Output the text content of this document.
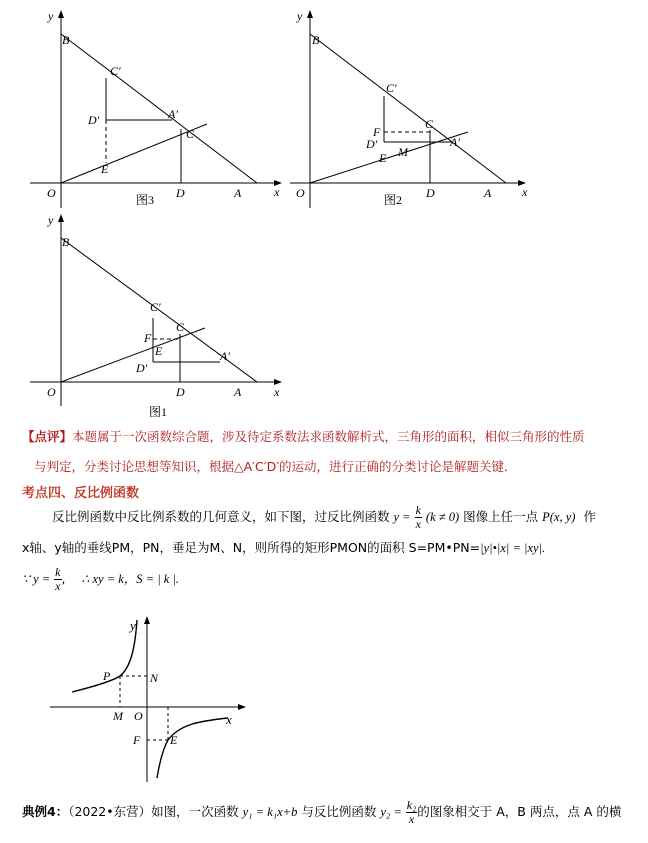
y
x
B
C′
D′	A′
C
E
O	D	A
图3
y
x
B
C′
F
D′
M
C
A′
E
O	D	A
图2
y
x
B
C′
F
C
E
D′
A′
O	D	A
图1
【点评】本题属于一次函数综合题，涉及待定系数法求函数解析式，三角形的面积，相似三角形的性质
与判定，分类讨论思想等知识，根据△A′C′D′的运动，进行正确的分类讨论是解题关键．
考点四、反比例函数
反比例函数中反比例系数的几何意义，如下图，过反比例函数 $y = \frac{k}{x} (k \ne 0)$ 图像上任一点 P(x, y) 作
x轴、y轴的垂线PM，PN，垂足为M、N，则所得的矩形PMON的面积 S=PM•PN=|y|•|x| = |xy|.
∵ $y = \frac{k}{x}$ , ∴ xy = k，S = | k |.
y
x
P	N
M O
F E
典例4：（2022•东营）如图，一次函数 y₁ = k₁x+b 与反比例函数 $y_2 = \frac{\text{k₂}}{x}$ 的图象相交于 A，B 两点，点 A 的横
